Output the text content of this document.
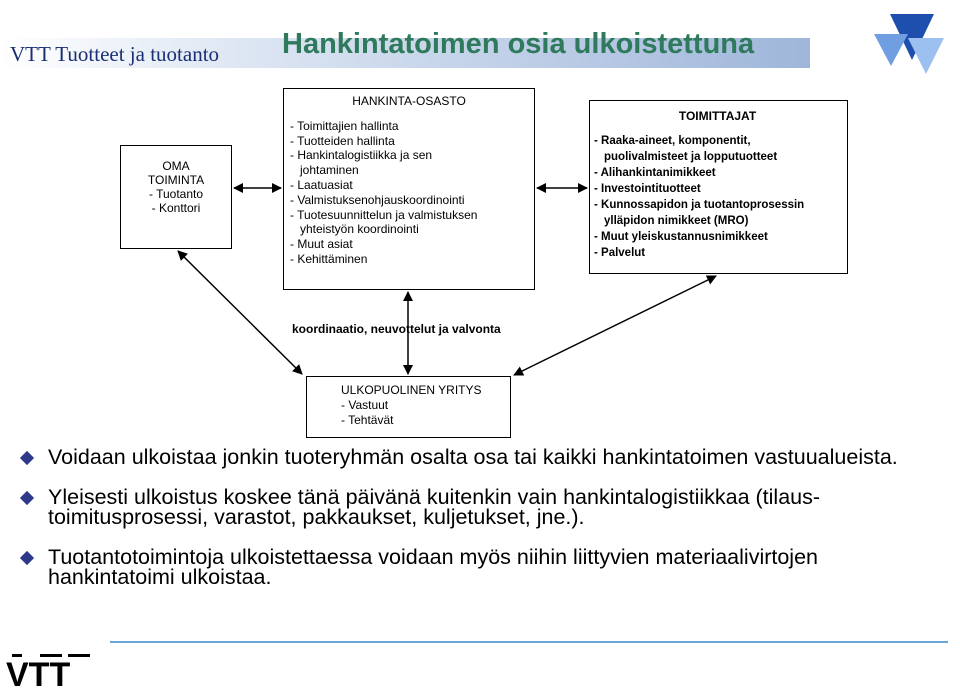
VTT Tuotteet ja tuotanto Hankintatoimen osia ulkoistettuna
OMA
TOIMINTA
- Tuotanto
- Konttori
HANKINTA-OSASTO
- Toimittajien hallinta
- Tuotteiden hallinta
- Hankintalogistiikka ja sen
johtaminen
- Laatuasiat
- Valmistuksenohjauskoordinointi
- Tuotesuunnittelun ja valmistuksen
yhteistyön koordinointi
- Muut asiat
- Kehittäminen
TOIMITTAJAT
- Raaka-aineet, komponentit,
puolivalmisteet ja lopputuotteet
- Alihankintanimikkeet
- Investointituotteet
- Kunnossapidon ja tuotantoprosessin
ylläpidon nimikkeet (MRO)
- Muut yleiskustannusnimikkeet
- Palvelut
koordinaatio, neuvottelut ja valvonta
ULKOPUOLINEN YRITYS
- Vastuut
- Tehtävät
Voidaan ulkoistaa jonkin tuoteryhmän osalta osa tai kaikki hankintatoimen vastuualueista.
Yleisesti ulkoistus koskee tänä päivänä kuitenkin vain hankintalogistiikkaa (tilaus-toimitusprosessi, varastot, pakkaukset, kuljetukset, jne.).
Tuotantotoimintoja ulkoistettaessa voidaan myös niihin liittyvien materiaalivirtojen hankintatoimi ulkoistaa.
VTT
